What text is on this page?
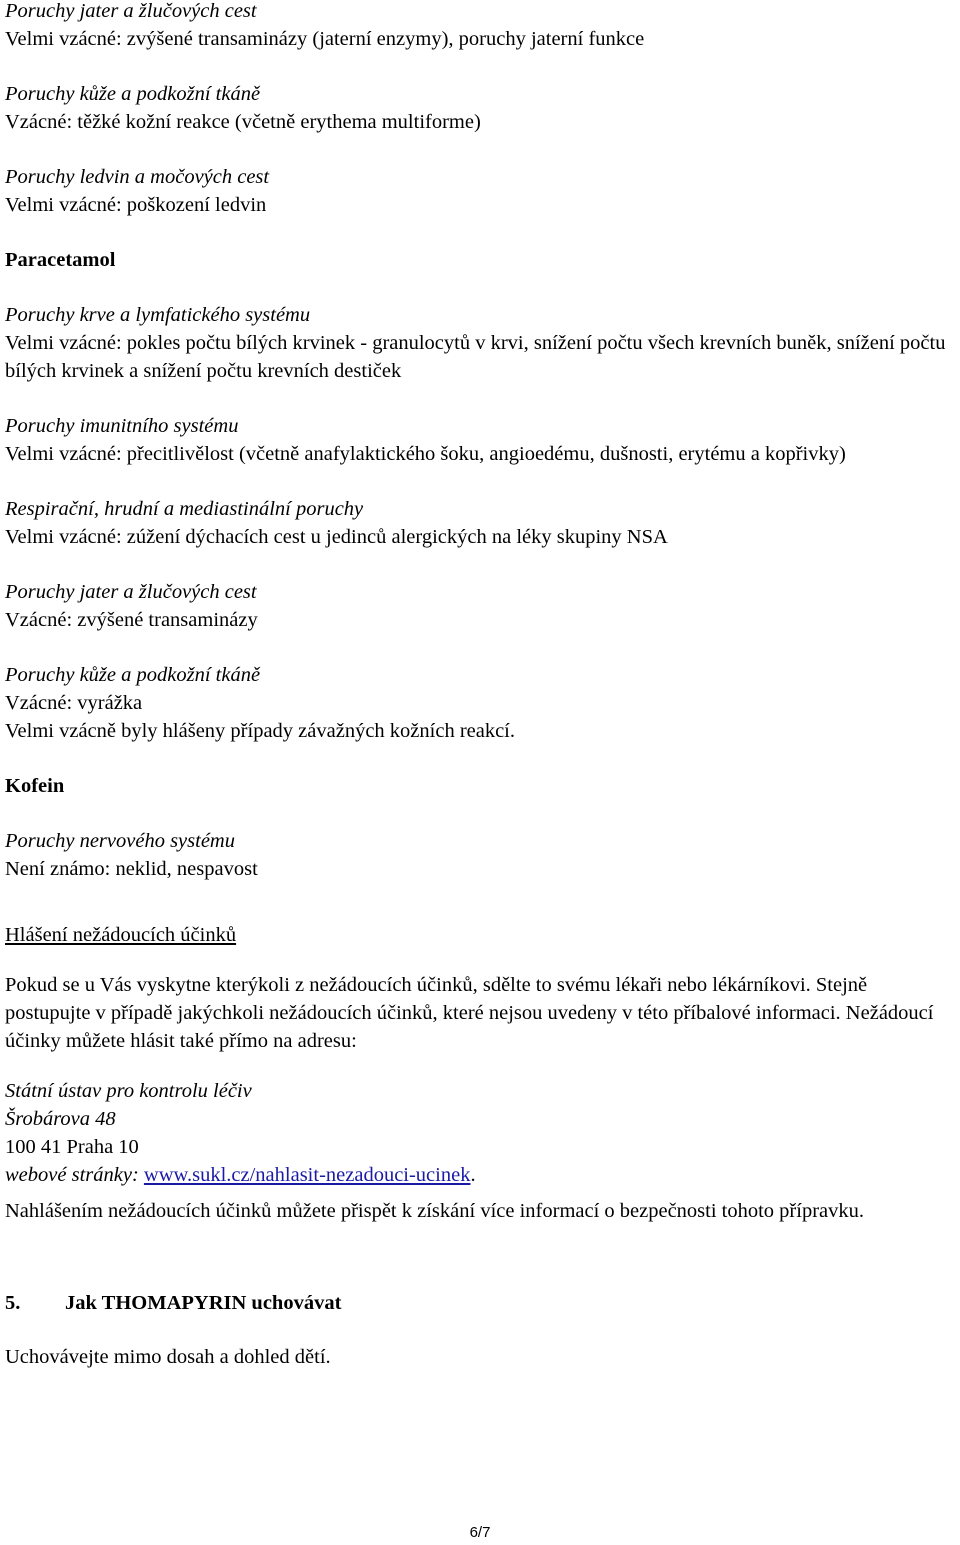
Poruchy jater a žlučových cest
Velmi vzácné: zvýšené transaminázy (jaterní enzymy), poruchy jaterní funkce
Poruchy kůže a podkožní tkáně
Vzácné: těžké kožní reakce (včetně erythema multiforme)
Poruchy ledvin a močových cest
Velmi vzácné: poškození ledvin
Paracetamol
Poruchy krve a lymfatického systému
Velmi vzácné: pokles počtu bílých krvinek - granulocytů v krvi, snížení počtu všech krevních buněk, snížení počtu bílých krvinek a snížení počtu krevních destiček
Poruchy imunitního systému
Velmi vzácné: přecitlivělost (včetně anafylaktického šoku, angioedému, dušnosti, erytému a kopřivky)
Respirační, hrudní a mediastinální poruchy
Velmi vzácné: zúžení dýchacích cest u jedinců alergických na léky skupiny NSA
Poruchy jater a žlučových cest
Vzácné: zvýšené transaminázy
Poruchy kůže a podkožní tkáně
Vzácné: vyrážka
Velmi vzácně byly hlášeny případy závažných kožních reakcí.
Kofein
Poruchy nervového systému
Není známo: neklid, nespavost
Hlášení nežádoucích účinků
Pokud se u Vás vyskytne kterýkoli z nežádoucích účinků, sdělte to svému lékaři nebo lékárníkovi. Stejně postupujte v případě jakýchkoli nežádoucích účinků, které nejsou uvedeny v této příbalové informaci. Nežádoucí účinky můžete hlásit také přímo na adresu:
Státní ústav pro kontrolu léčiv
Šrobárova 48
100 41 Praha 10
webové stránky: www.sukl.cz/nahlasit-nezadouci-ucinek.
Nahlášením nežádoucích účinků můžete přispět k získání více informací o bezpečnosti tohoto přípravku.
5. Jak THOMAPYRIN uchovávat
Uchovávejte mimo dosah a dohled dětí.
6/7
